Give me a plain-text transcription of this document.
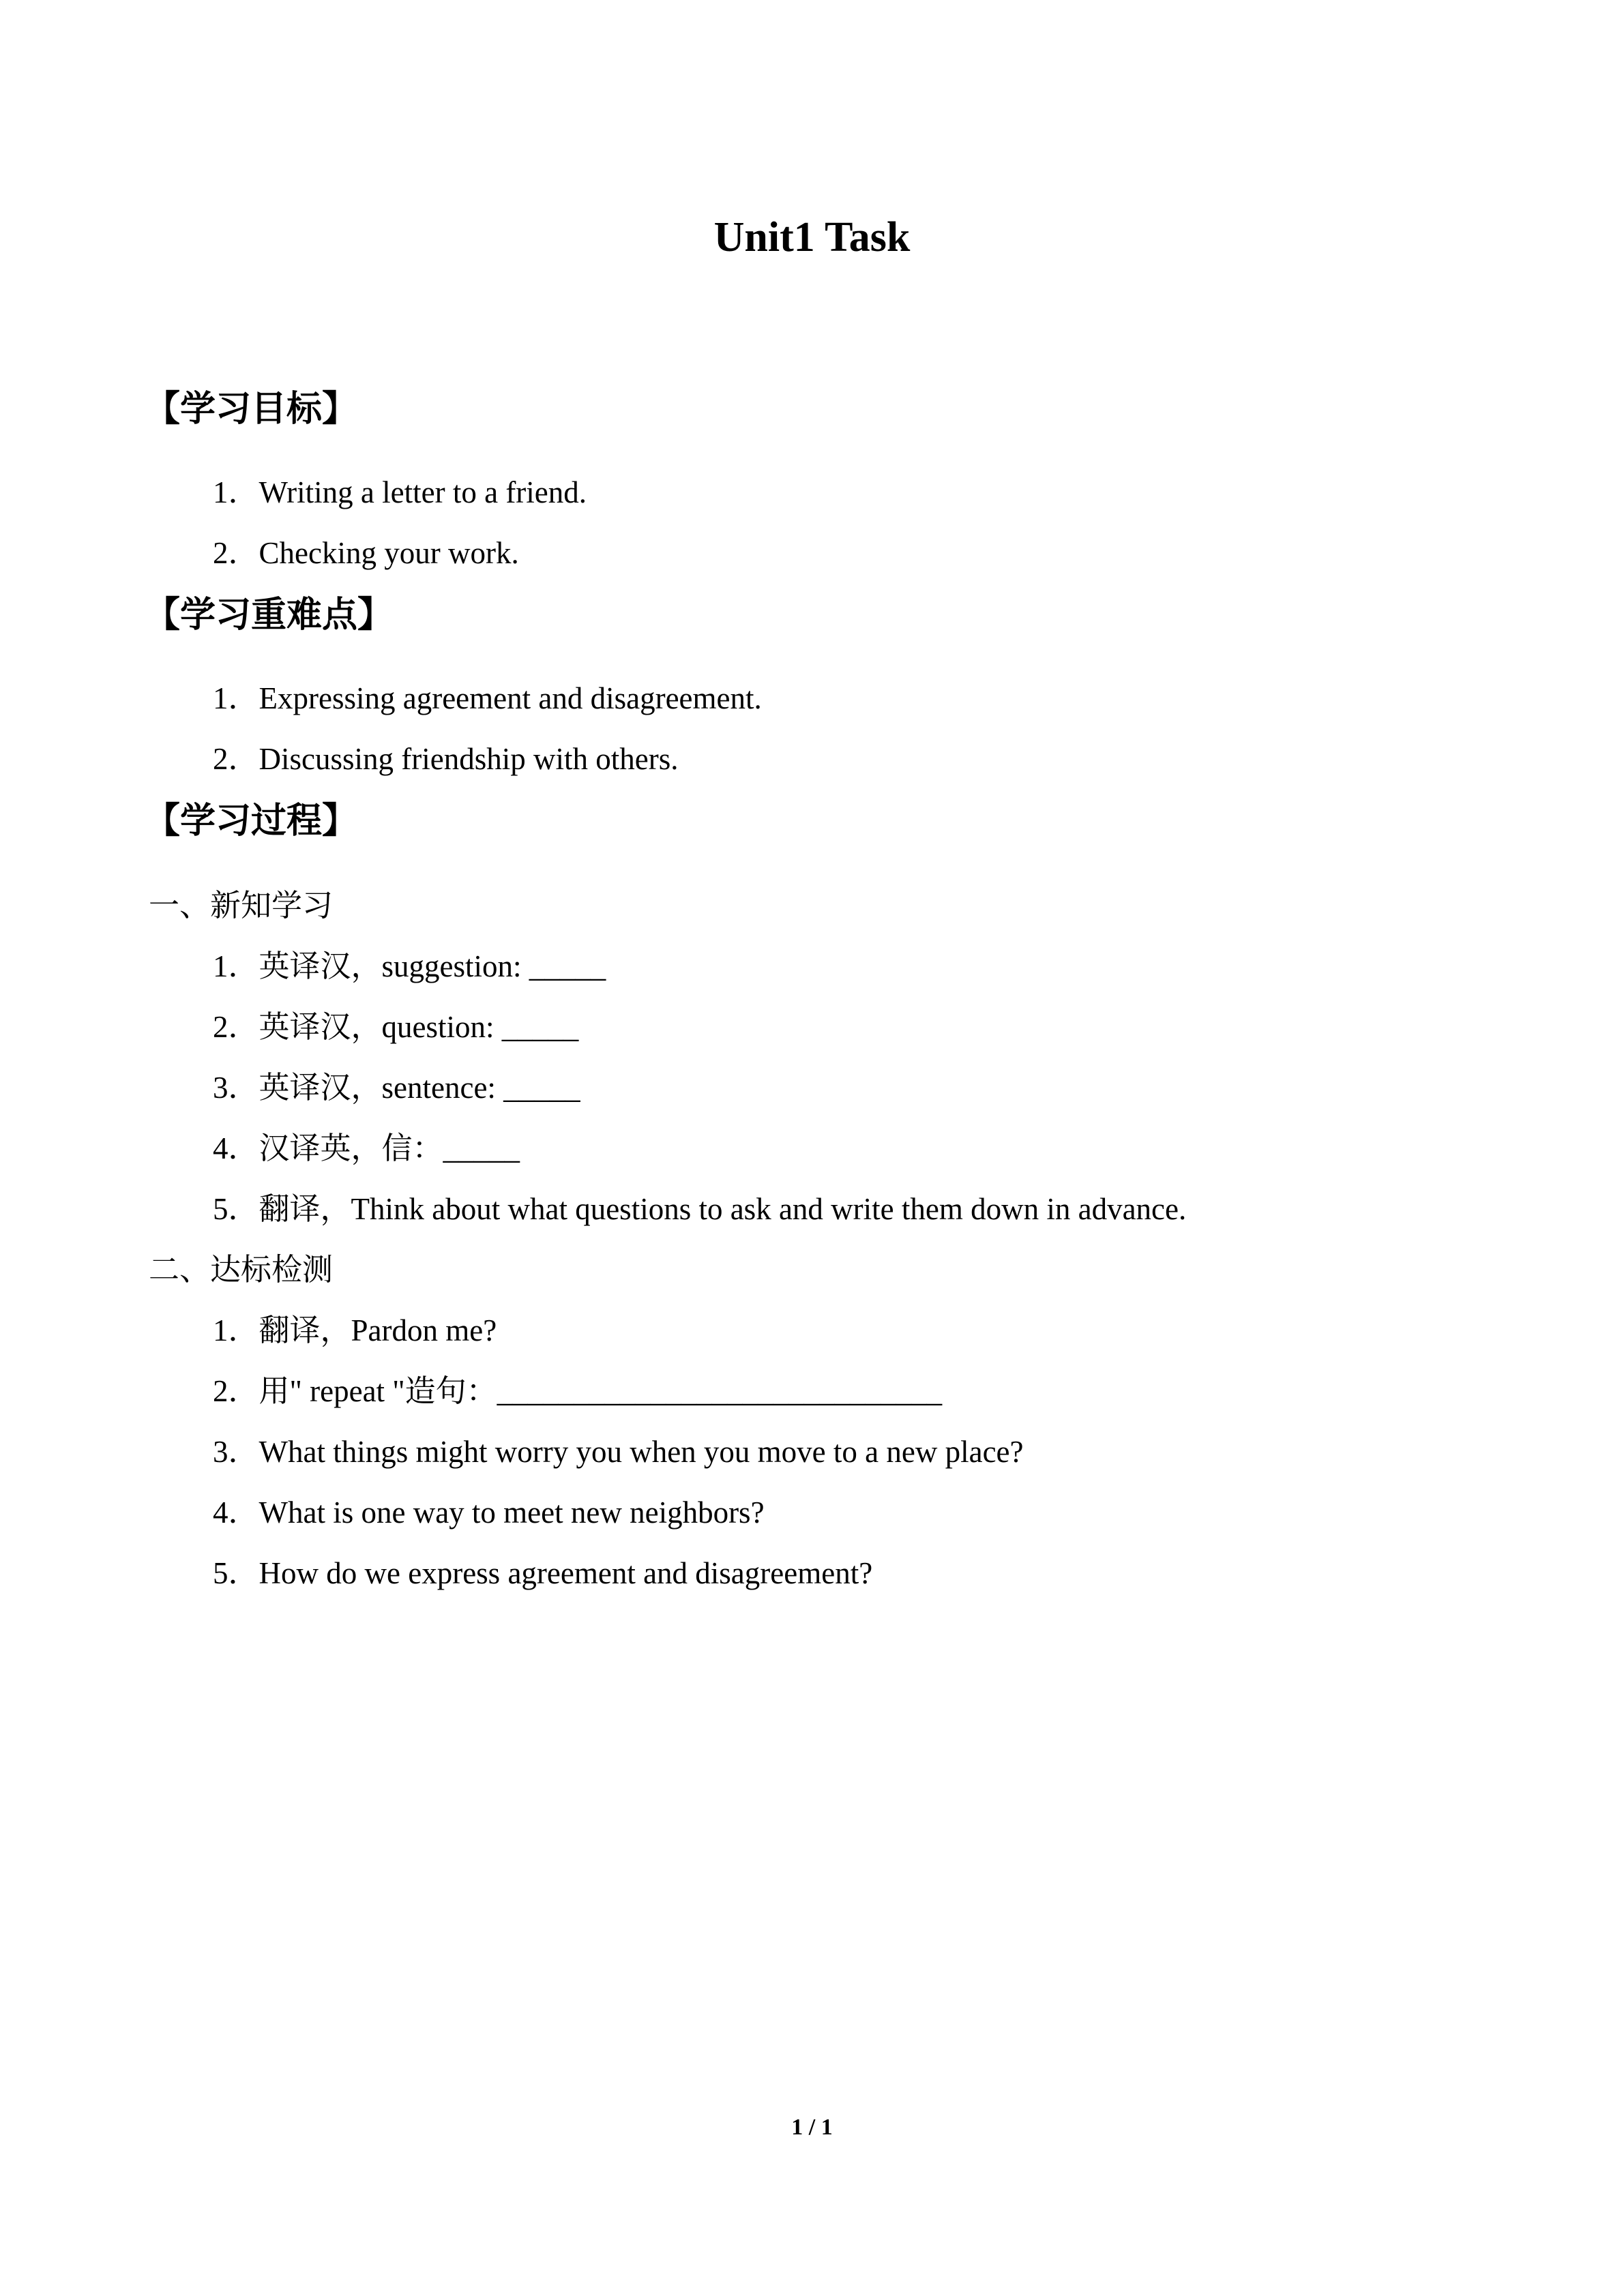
Unit1 Task
【学习目标】
1．Writing a letter to a friend.
2．Checking your work.
【学习重难点】
1．Expressing agreement and disagreement.
2．Discussing friendship with others.
【学习过程】
一、新知学习
1．英译汉，suggestion: _____
2．英译汉，question: _____
3．英译汉，sentence: _____
4．汉译英，信：_____
5．翻译，Think about what questions to ask and write them down in advance.
二、达标检测
1．翻译，Pardon me?
2．用" repeat "造句：_____________________________
3．What things might worry you when you move to a new place?
4．What is one way to meet new neighbors?
5．How do we express agreement and disagreement?
1 / 1
